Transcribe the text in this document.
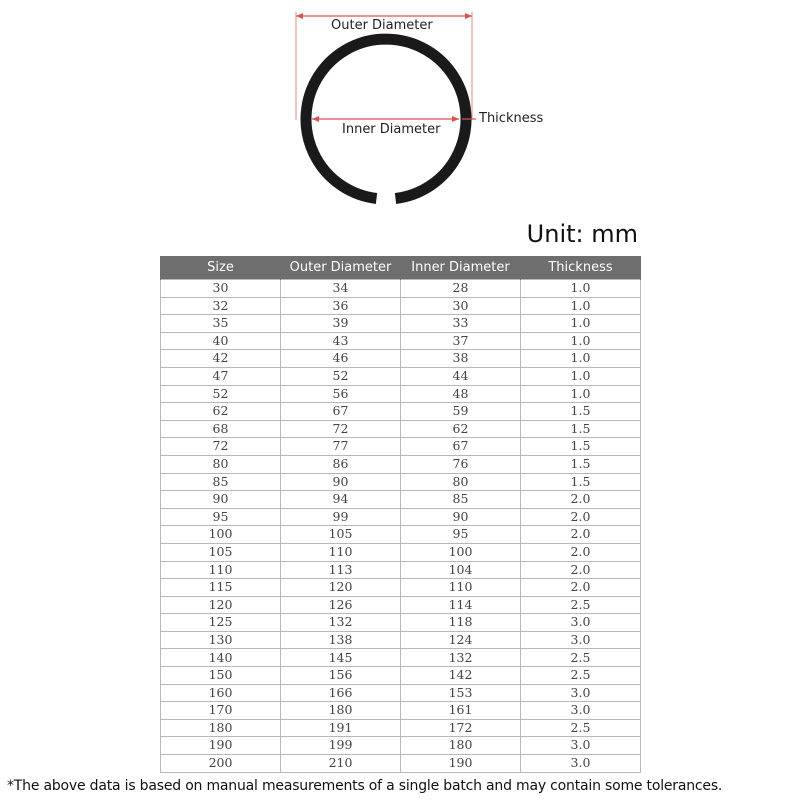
Outer Diameter
Inner Diameter
Thickness
Unit: mm
Size	Outer Diameter	Inner Diameter	Thickness
30	34	28	1.0
32	36	30	1.0
35	39	33	1.0
40	43	37	1.0
42	46	38	1.0
47	52	44	1.0
52	56	48	1.0
62	67	59	1.5
68	72	62	1.5
72	77	67	1.5
80	86	76	1.5
85	90	80	1.5
90	94	85	2.0
95	99	90	2.0
100	105	95	2.0
105	110	100	2.0
110	113	104	2.0
115	120	110	2.0
120	126	114	2.5
125	132	118	3.0
130	138	124	3.0
140	145	132	2.5
150	156	142	2.5
160	166	153	3.0
170	180	161	3.0
180	191	172	2.5
190	199	180	3.0
200	210	190	3.0
*The above data is based on manual measurements of a single batch and may contain some tolerances.
